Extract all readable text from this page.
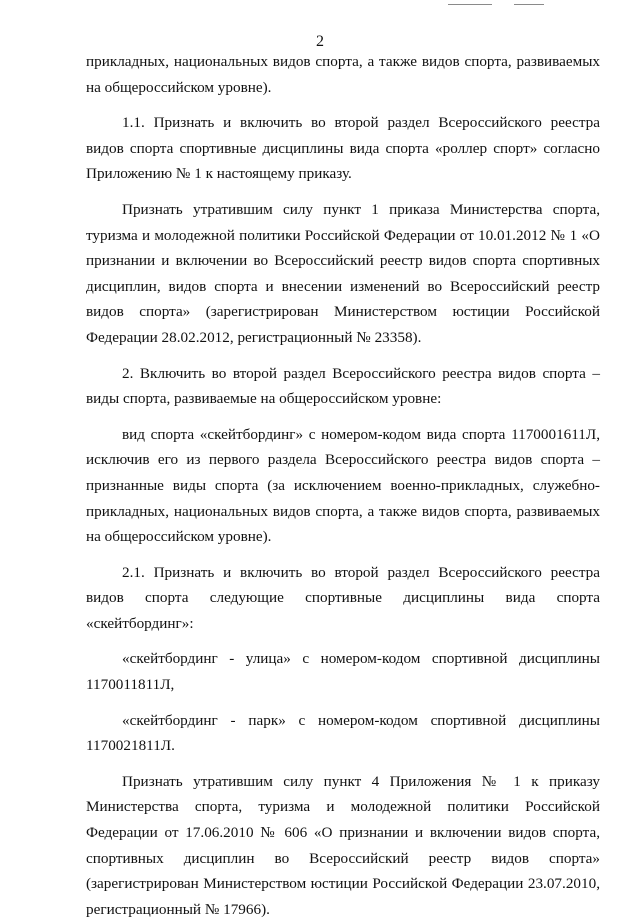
2

прикладных, национальных видов спорта, а также видов спорта, развиваемых на общероссийском уровне).

1.1. Признать и включить во второй раздел Всероссийского реестра видов спорта спортивные дисциплины вида спорта «роллер спорт» согласно Приложению № 1 к настоящему приказу.

Признать утратившим силу пункт 1 приказа Министерства спорта, туризма и молодежной политики Российской Федерации от 10.01.2012 № 1 «О признании и включении во Всероссийский реестр видов спорта спортивных дисциплин, видов спорта и внесении изменений во Всероссийский реестр видов спорта» (зарегистрирован Министерством юстиции Российской Федерации 28.02.2012, регистрационный № 23358).

2. Включить во второй раздел Всероссийского реестра видов спорта – виды спорта, развиваемые на общероссийском уровне:

вид спорта «скейтбординг» с номером-кодом вида спорта 1170001611Л, исключив его из первого раздела Всероссийского реестра видов спорта – признанные виды спорта (за исключением военно-прикладных, служебно-прикладных, национальных видов спорта, а также видов спорта, развиваемых на общероссийском уровне).

2.1. Признать и включить во второй раздел Всероссийского реестра видов спорта следующие спортивные дисциплины вида спорта «скейтбординг»:

«скейтбординг - улица» с номером-кодом спортивной дисциплины 1170011811Л,

«скейтбординг - парк» с номером-кодом спортивной дисциплины 1170021811Л.

Признать утратившим силу пункт 4 Приложения № 1 к приказу Министерства спорта, туризма и молодежной политики Российской Федерации от 17.06.2010 № 606 «О признании и включении видов спорта, спортивных дисциплин во Всероссийский реестр видов спорта» (зарегистрирован Министерством юстиции Российской Федерации 23.07.2010, регистрационный № 17966).
